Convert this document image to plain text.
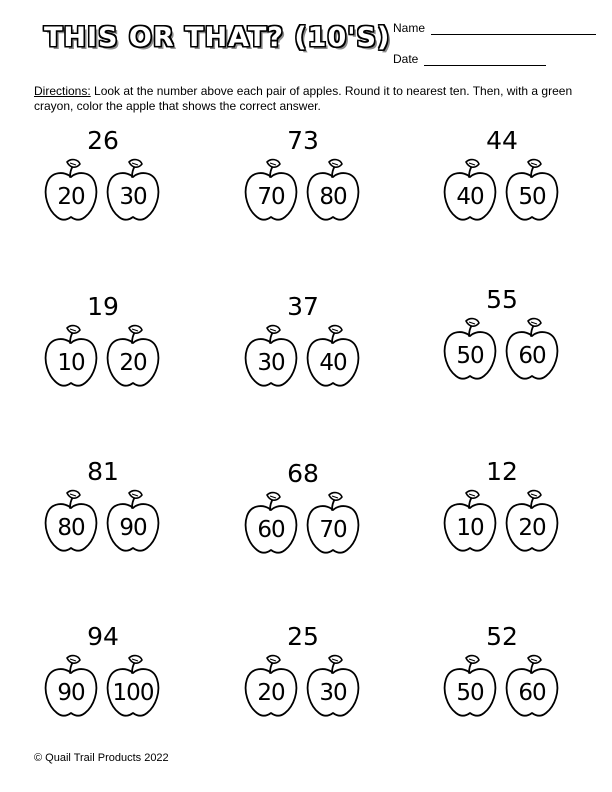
THIS OR THAT? (10'S) Name
Date
Directions: Look at the number above each pair of apples. Round it to nearest ten. Then, with a green crayon, color the apple that shows the correct answer.
26
20	30
73
70	80
44
40	50
19
10	20
37
30	40
55
50	60
81
80	90
68
60	70
12
10	20
94
90	100
25
20	30
52
50	60
© Quail Trail Products 2022
